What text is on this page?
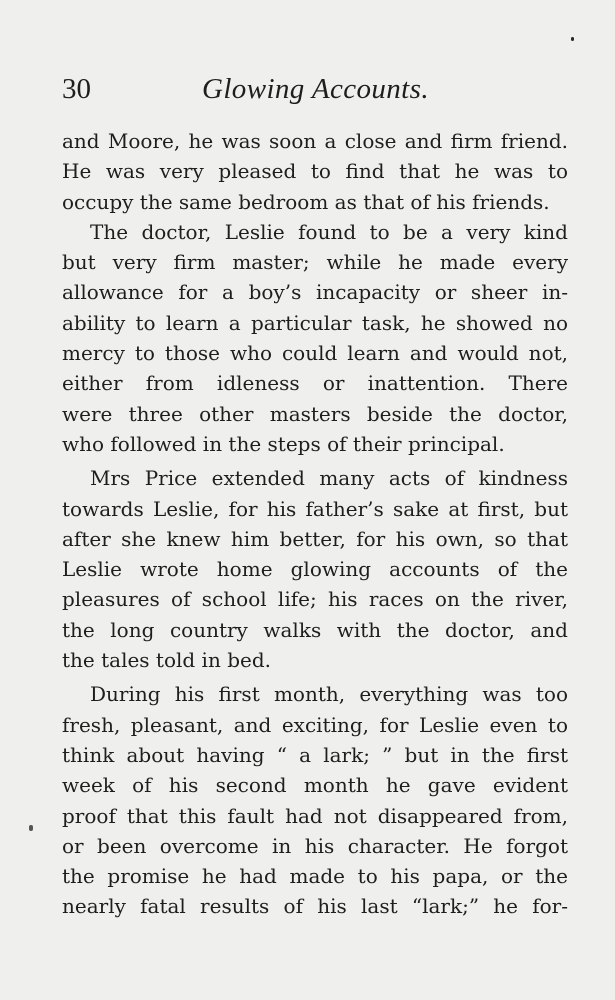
30	Glowing Accounts.
and Moore, he was soon a close and firm friend.
He was very pleased to find that he was to
occupy the same bedroom as that of his friends.
The doctor, Leslie found to be a very kind
but very firm master; while he made every
allowance for a boy’s incapacity or sheer in-
ability to learn a particular task, he showed no
mercy to those who could learn and would not,
either from idleness or inattention. There
were three other masters beside the doctor,
who followed in the steps of their principal.
Mrs Price extended many acts of kindness
towards Leslie, for his father’s sake at first, but
after she knew him better, for his own, so that
Leslie wrote home glowing accounts of the
pleasures of school life; his races on the river,
the long country walks with the doctor, and
the tales told in bed.
During his first month, everything was too
fresh, pleasant, and exciting, for Leslie even to
think about having “ a lark; ” but in the first
week of his second month he gave evident
proof that this fault had not disappeared from,
or been overcome in his character. He forgot
the promise he had made to his papa, or the
nearly fatal results of his last “lark;” he for-
